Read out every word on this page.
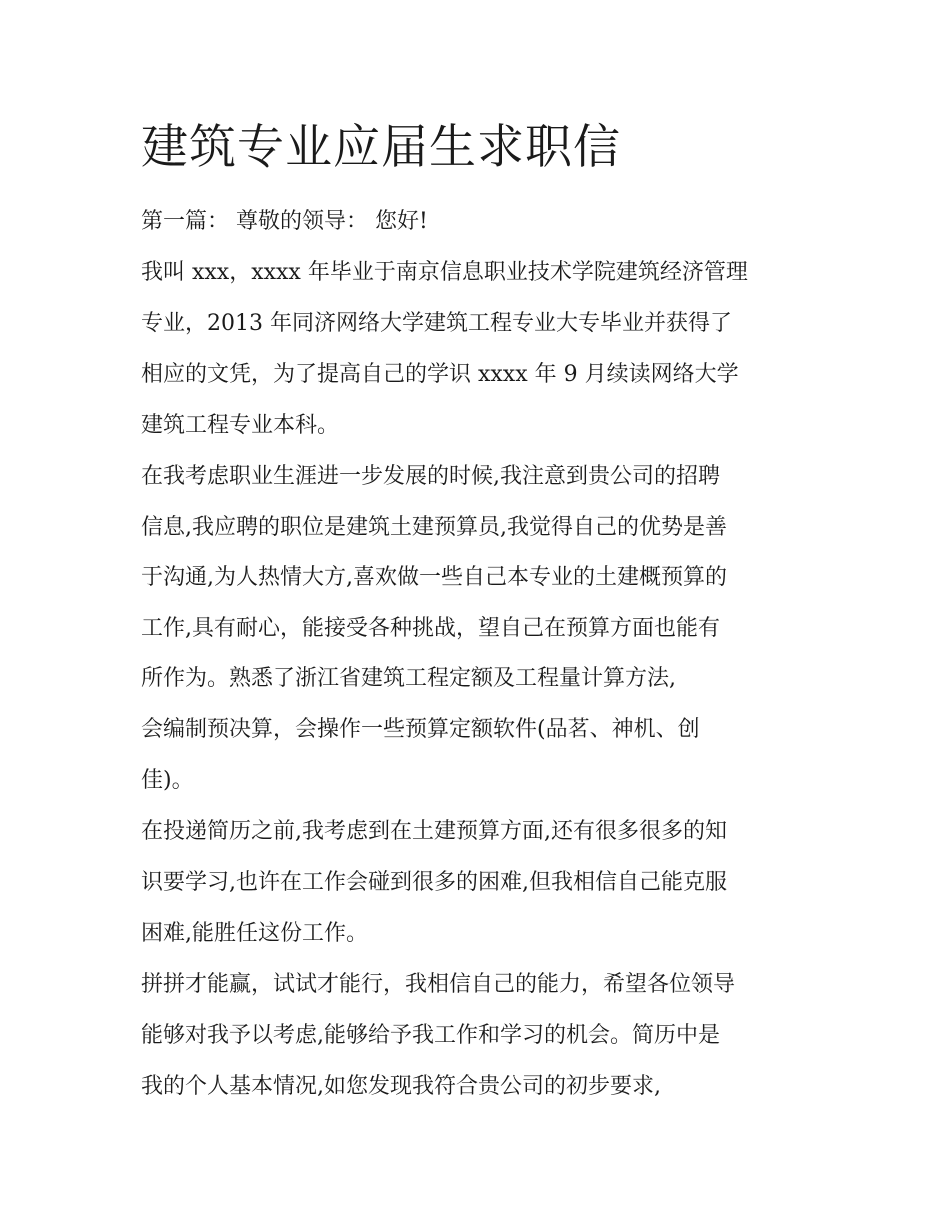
建筑专业应届生求职信

第一篇： 尊敬的领导： 您好!

我叫 xxx，xxxx 年毕业于南京信息职业技术学院建筑经济管理

专业，2013 年同济网络大学建筑工程专业大专毕业并获得了

相应的文凭，为了提高自己的学识 xxxx 年 9 月续读网络大学

建筑工程专业本科。

在我考虑职业生涯进一步发展的时候,我注意到贵公司的招聘

信息,我应聘的职位是建筑土建预算员,我觉得自己的优势是善

于沟通,为人热情大方,喜欢做一些自己本专业的土建概预算的

工作,具有耐心，能接受各种挑战，望自己在预算方面也能有

所作为。熟悉了浙江省建筑工程定额及工程量计算方法,

会编制预决算，会操作一些预算定额软件(品茗、神机、创

佳)。

在投递简历之前,我考虑到在土建预算方面,还有很多很多的知

识要学习,也许在工作会碰到很多的困难,但我相信自己能克服

困难,能胜任这份工作。

拼拼才能赢，试试才能行，我相信自己的能力，希望各位领导

能够对我予以考虑,能够给予我工作和学习的机会。简历中是

我的个人基本情况,如您发现我符合贵公司的初步要求,
